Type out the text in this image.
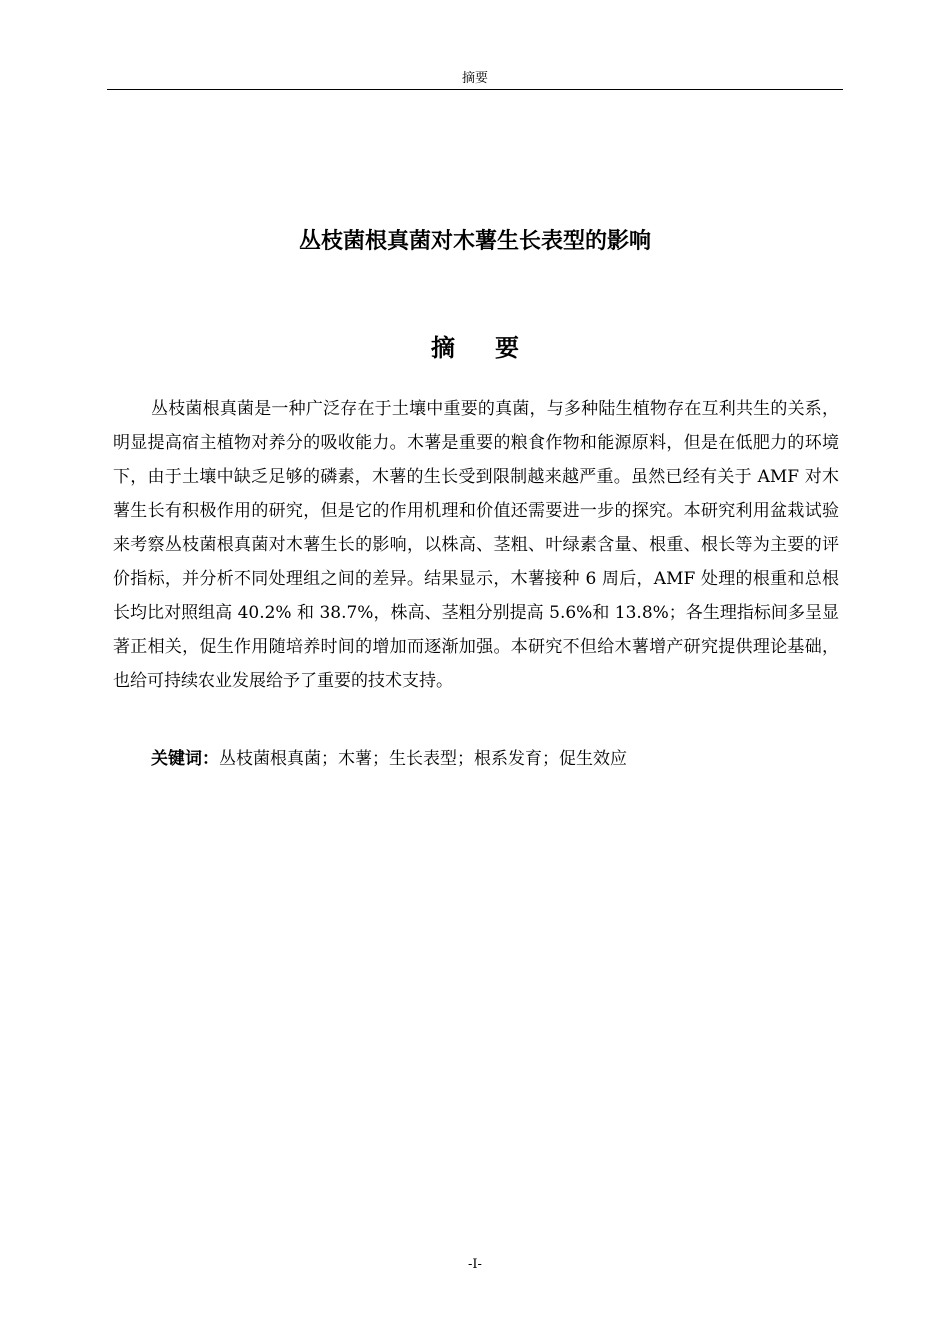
摘要
丛枝菌根真菌对木薯生长表型的影响
摘 要

丛枝菌根真菌是一种广泛存在于土壤中重要的真菌，与多种陆生植物存在互利共生的关系，明显提高宿主植物对养分的吸收能力。木薯是重要的粮食作物和能源原料，但是在低肥力的环境下，由于土壤中缺乏足够的磷素，木薯的生长受到限制越来越严重。虽然已经有关于 AMF 对木薯生长有积极作用的研究，但是它的作用机理和价值还需要进一步的探究。本研究利用盆栽试验来考察丛枝菌根真菌对木薯生长的影响，以株高、茎粗、叶绿素含量、根重、根长等为主要的评价指标，并分析不同处理组之间的差异。结果显示，木薯接种 6 周后，AMF 处理的根重和总根长均比对照组高 40.2% 和 38.7%，株高、茎粗分别提高 5.6%和 13.8%；各生理指标间多呈显著正相关，促生作用随培养时间的增加而逐渐加强。本研究不但给木薯增产研究提供理论基础，也给可持续农业发展给予了重要的技术支持。

关键词：丛枝菌根真菌；木薯；生长表型；根系发育；促生效应

-I-
